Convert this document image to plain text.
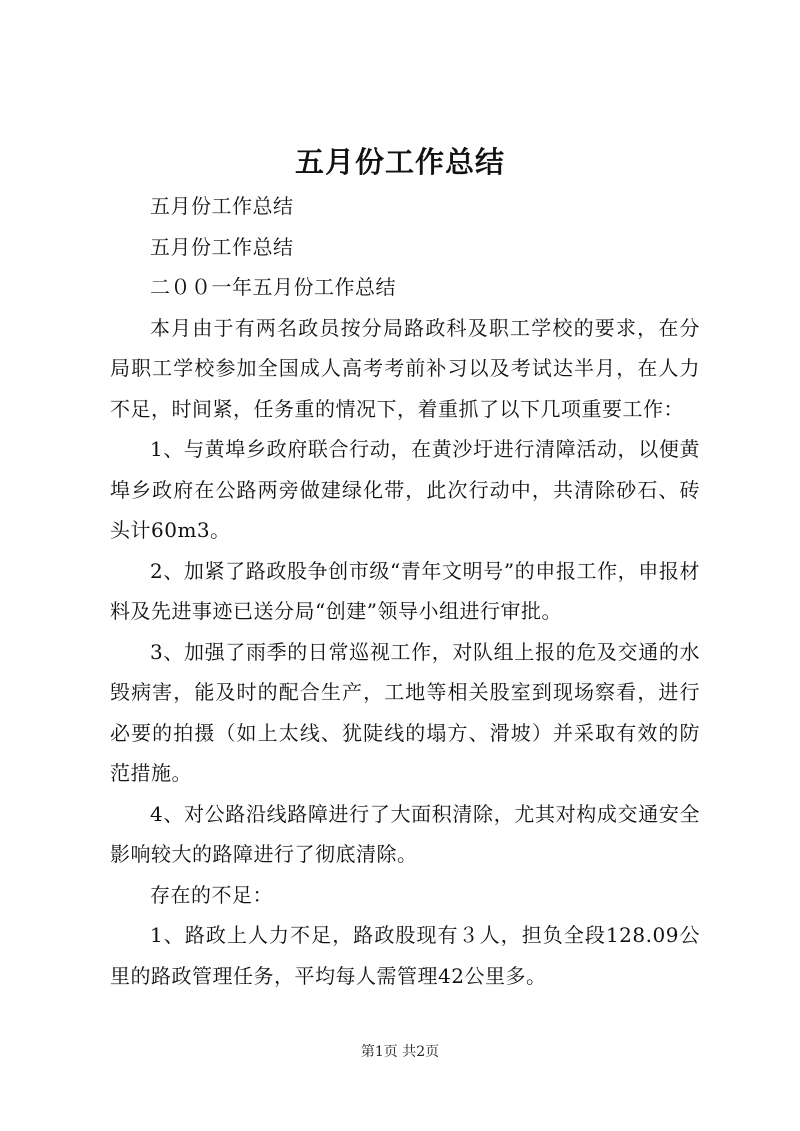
五月份工作总结

五月份工作总结

五月份工作总结

二００一年五月份工作总结

本月由于有两名政员按分局路政科及职工学校的要求，在分局职工学校参加全国成人高考考前补习以及考试达半月，在人力不足，时间紧，任务重的情况下，着重抓了以下几项重要工作：

1、与黄埠乡政府联合行动，在黄沙圩进行清障活动，以便黄埠乡政府在公路两旁做建绿化带，此次行动中，共清除砂石、砖头计60m3。

2、加紧了路政股争创市级“青年文明号”的申报工作，申报材料及先进事迹已送分局“创建”领导小组进行审批。

3、加强了雨季的日常巡视工作，对队组上报的危及交通的水毁病害，能及时的配合生产，工地等相关股室到现场察看，进行必要的拍摄（如上太线、犹陡线的塌方、滑坡）并采取有效的防范措施。

4、对公路沿线路障进行了大面积清除，尤其对构成交通安全影响较大的路障进行了彻底清除。

存在的不足：

1、路政上人力不足，路政股现有３人，担负全段128.09公里的路政管理任务，平均每人需管理42公里多。

第1页 共2页
